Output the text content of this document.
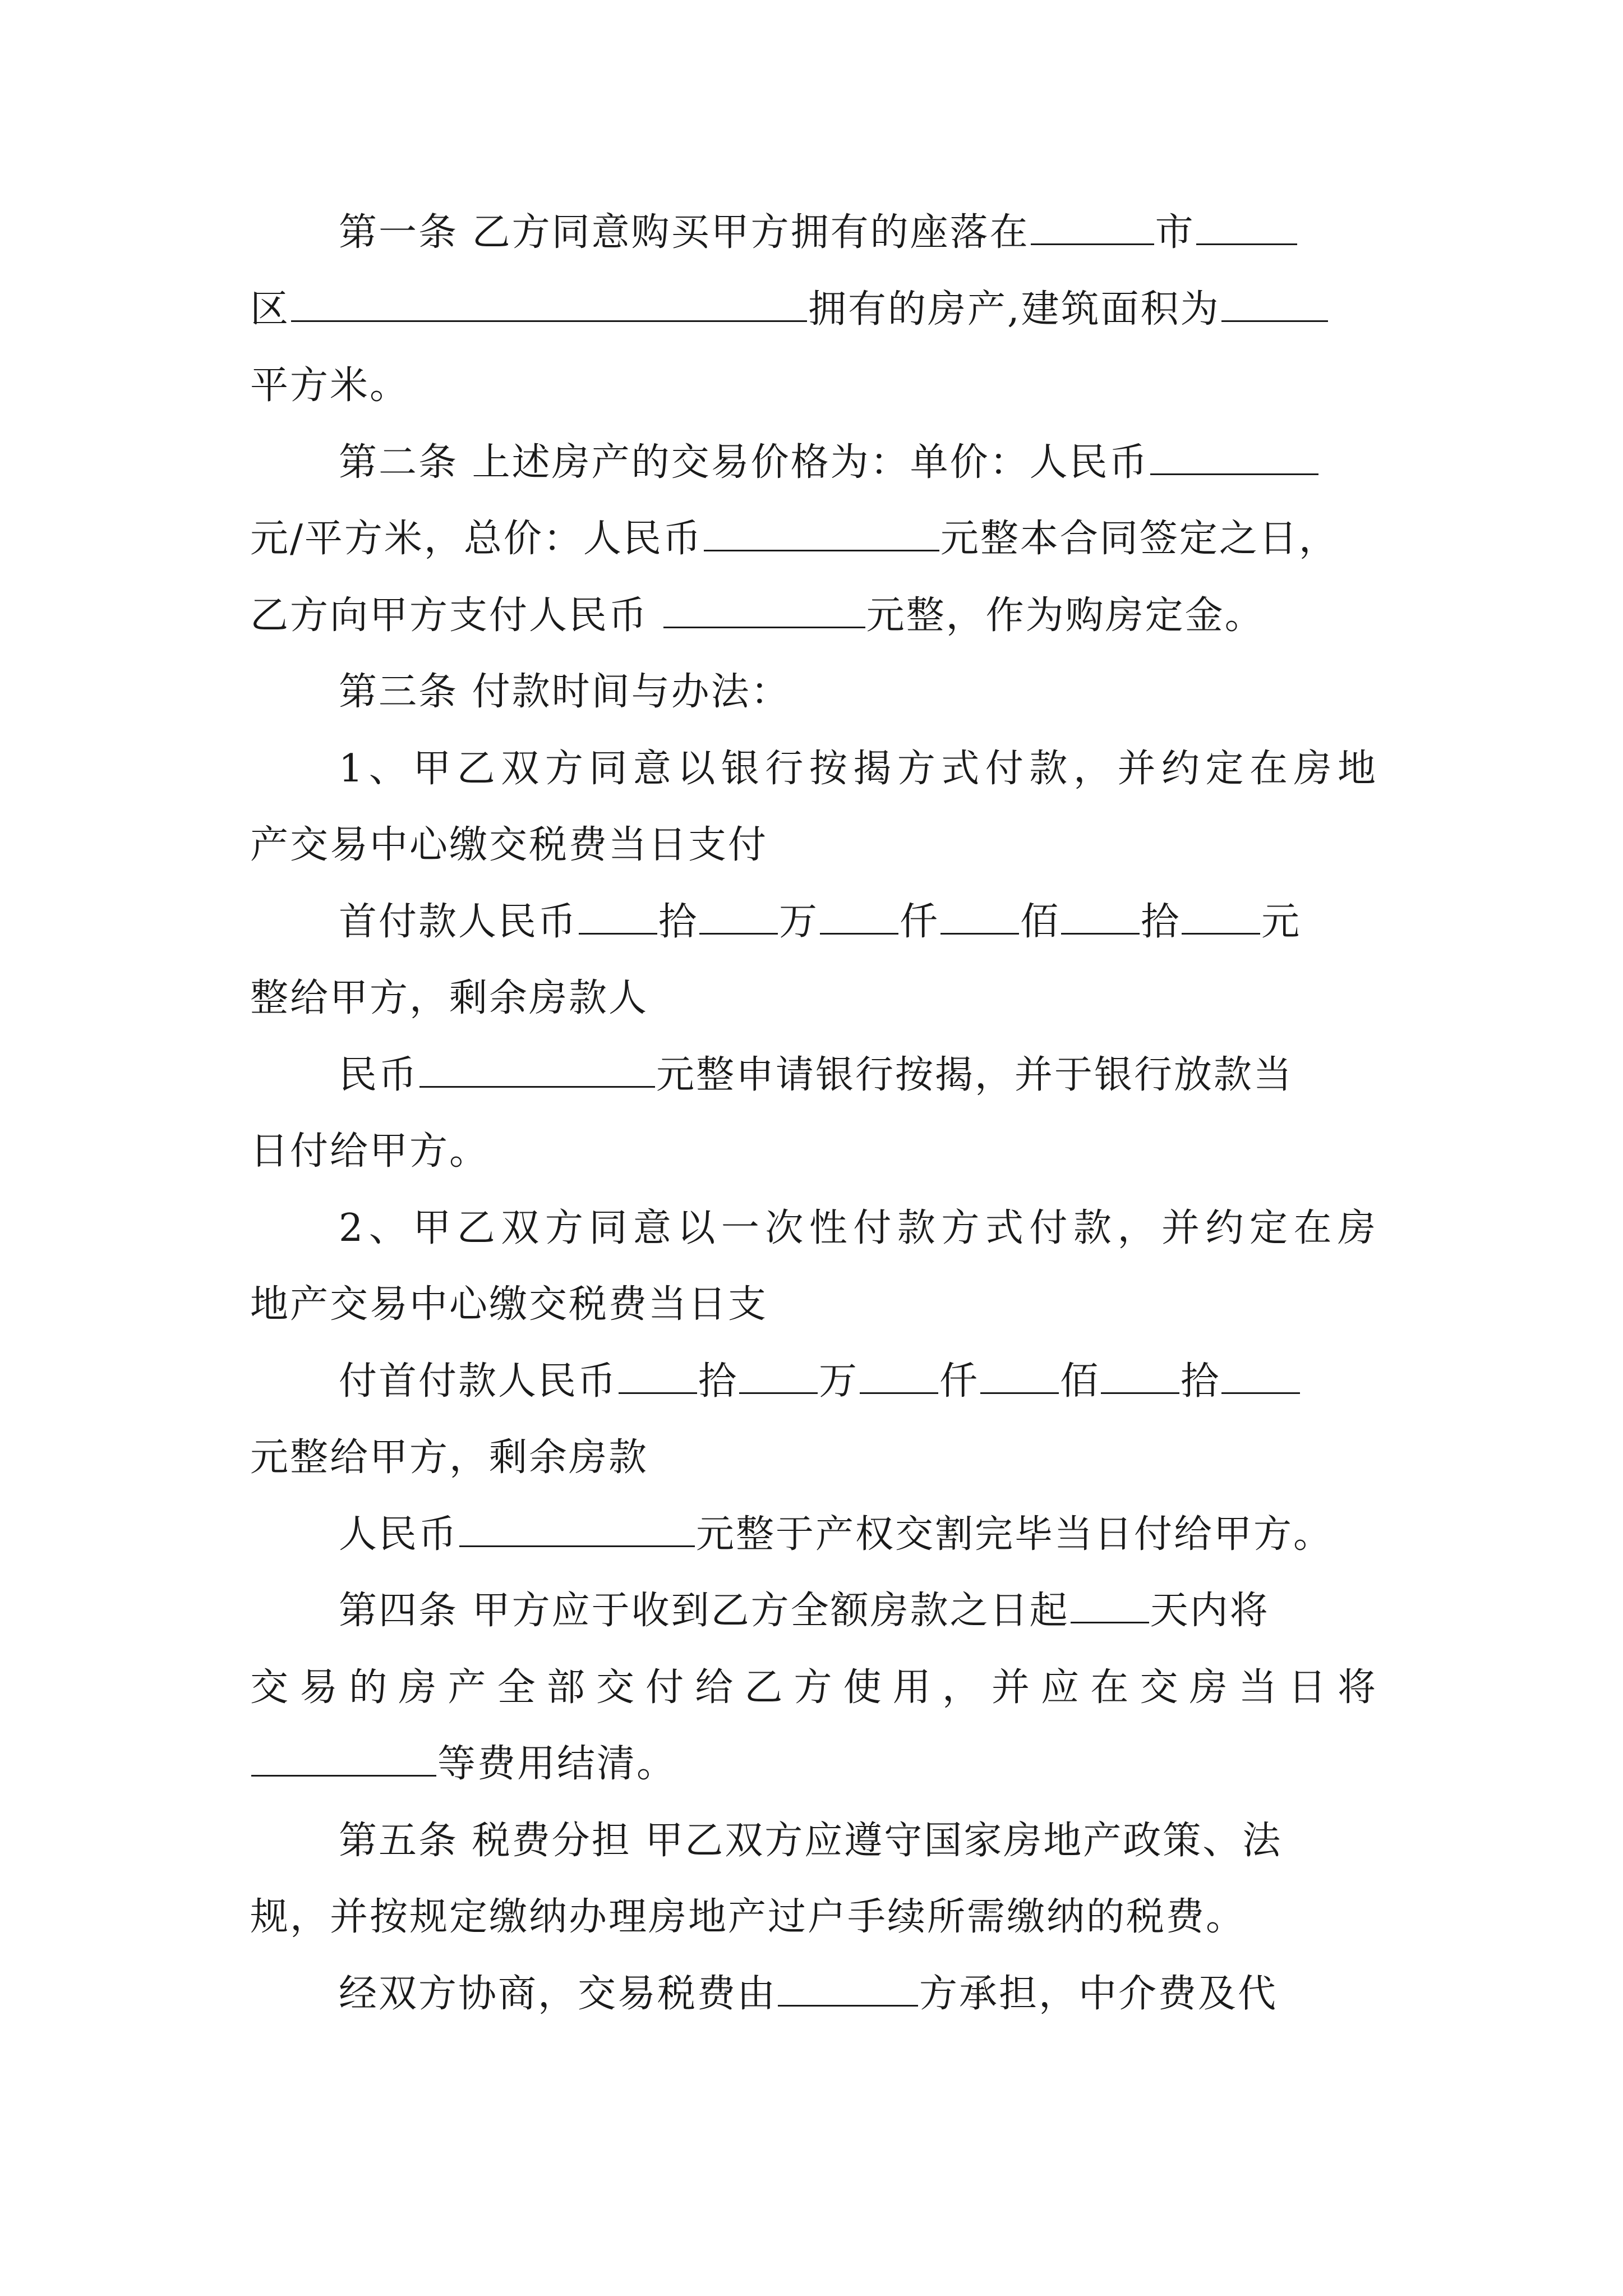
第一条 乙方同意购买甲方拥有的座落在	市
区	拥有的房产,建筑面积为
平方米。
第二条 上述房产的交易价格为：单价：人民币
元/平方米，总价：人民币	元整本合同签定之日，
乙方向甲方支付人民币	元整，作为购房定金。
第三条 付款时间与办法：
1、甲乙双方同意以银行按揭方式付款，并约定在房地
产交易中心缴交税费当日支付
首付款人民币 拾 万 仟 佰 拾 元
整给甲方，剩余房款人
民币	元整申请银行按揭，并于银行放款当
日付给甲方。
2、甲乙双方同意以一次性付款方式付款，并约定在房
地产交易中心缴交税费当日支
付首付款人民币 拾 万 仟 佰 拾
元整给甲方，剩余房款
人民币	元整于产权交割完毕当日付给甲方。
第四条 甲方应于收到乙方全额房款之日起 天内将
交易的房产全部交付给乙方使用，并应在交房当日将
等费用结清。
第五条 税费分担 甲乙双方应遵守国家房地产政策、法
规，并按规定缴纳办理房地产过户手续所需缴纳的税费。
经双方协商，交易税费由	方承担，中介费及代
